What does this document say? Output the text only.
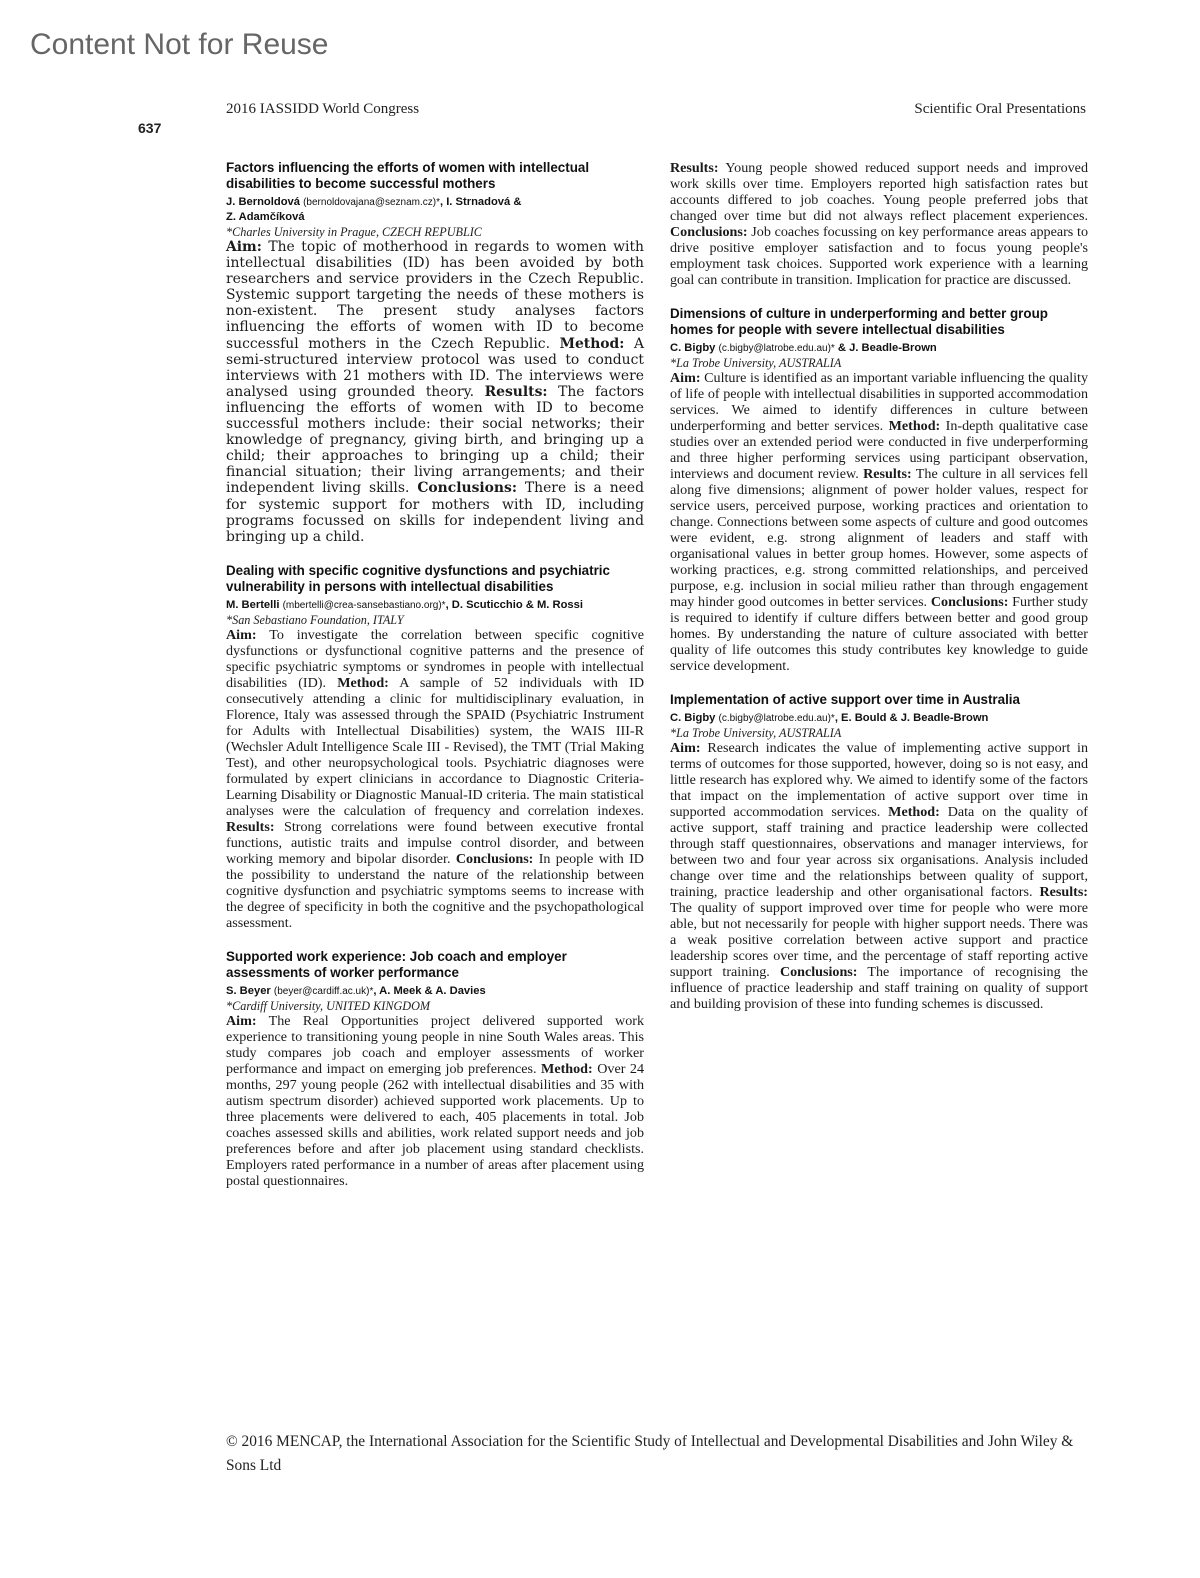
Content Not for Reuse
2016 IASSIDD World Congress	Scientific Oral Presentations
637
Factors influencing the efforts of women with intellectual disabilities to become successful mothers
J. Bernoldová (bernoldovajana@seznam.cz)*, I. Strnadová &
Z. Adamčíková
*Charles University in Prague, CZECH REPUBLIC
Aim: The topic of motherhood in regards to women with intellectual disabilities (ID) has been avoided by both researchers and service providers in the Czech Republic. Systemic support targeting the needs of these mothers is non-existent. The present study analyses factors influencing the efforts of women with ID to become successful mothers in the Czech Republic. Method: A semi-structured interview protocol was used to conduct interviews with 21 mothers with ID. The interviews were analysed using grounded theory. Results: The factors influencing the efforts of women with ID to become successful mothers include: their social networks; their knowledge of pregnancy, giving birth, and bringing up a child; their approaches to bringing up a child; their financial situation; their living arrangements; and their independent living skills. Conclusions: There is a need for systemic support for mothers with ID, including programs focussed on skills for independent living and bringing up a child.
Dealing with specific cognitive dysfunctions and psychiatric vulnerability in persons with intellectual disabilities
M. Bertelli (mbertelli@crea-sansebastiano.org)*, D. Scuticchio & M. Rossi
*San Sebastiano Foundation, ITALY
Aim: To investigate the correlation between specific cognitive dysfunctions or dysfunctional cognitive patterns and the presence of specific psychiatric symptoms or syndromes in people with intellectual disabilities (ID). Method: A sample of 52 individuals with ID consecutively attending a clinic for multidisciplinary evaluation, in Florence, Italy was assessed through the SPAID (Psychiatric Instrument for Adults with Intellectual Disabilities) system, the WAIS III-R (Wechsler Adult Intelligence Scale III - Revised), the TMT (Trial Making Test), and other neuropsychological tools. Psychiatric diagnoses were formulated by expert clinicians in accordance to Diagnostic Criteria-Learning Disability or Diagnostic Manual-ID criteria. The main statistical analyses were the calculation of frequency and correlation indexes. Results: Strong correlations were found between executive frontal functions, autistic traits and impulse control disorder, and between working memory and bipolar disorder. Conclusions: In people with ID the possibility to understand the nature of the relationship between cognitive dysfunction and psychiatric symptoms seems to increase with the degree of specificity in both the cognitive and the psychopathological assessment.
Supported work experience: Job coach and employer assessments of worker performance
S. Beyer (beyer@cardiff.ac.uk)*, A. Meek & A. Davies
*Cardiff University, UNITED KINGDOM
Aim: The Real Opportunities project delivered supported work experience to transitioning young people in nine South Wales areas. This study compares job coach and employer assessments of worker performance and impact on emerging job preferences. Method: Over 24 months, 297 young people (262 with intellectual disabilities and 35 with autism spectrum disorder) achieved supported work placements. Up to three placements were delivered to each, 405 placements in total. Job coaches assessed skills and abilities, work related support needs and job preferences before and after job placement using standard checklists. Employers rated performance in a number of areas after placement using postal questionnaires.
Results: Young people showed reduced support needs and improved work skills over time. Employers reported high satisfaction rates but accounts differed to job coaches. Young people preferred jobs that changed over time but did not always reflect placement experiences. Conclusions: Job coaches focussing on key performance areas appears to drive positive employer satisfaction and to focus young people's employment task choices. Supported work experience with a learning goal can contribute in transition. Implication for practice are discussed.
Dimensions of culture in underperforming and better group homes for people with severe intellectual disabilities
C. Bigby (c.bigby@latrobe.edu.au)* & J. Beadle-Brown
*La Trobe University, AUSTRALIA
Aim: Culture is identified as an important variable influencing the quality of life of people with intellectual disabilities in supported accommodation services. We aimed to identify differences in culture between underperforming and better services. Method: In-depth qualitative case studies over an extended period were conducted in five underperforming and three higher performing services using participant observation, interviews and document review. Results: The culture in all services fell along five dimensions; alignment of power holder values, respect for service users, perceived purpose, working practices and orientation to change. Connections between some aspects of culture and good outcomes were evident, e.g. strong alignment of leaders and staff with organisational values in better group homes. However, some aspects of working practices, e.g. strong committed relationships, and perceived purpose, e.g. inclusion in social milieu rather than through engagement may hinder good outcomes in better services. Conclusions: Further study is required to identify if culture differs between better and good group homes. By understanding the nature of culture associated with better quality of life outcomes this study contributes key knowledge to guide service development.
Implementation of active support over time in Australia
C. Bigby (c.bigby@latrobe.edu.au)*, E. Bould & J. Beadle-Brown
*La Trobe University, AUSTRALIA
Aim: Research indicates the value of implementing active support in terms of outcomes for those supported, however, doing so is not easy, and little research has explored why. We aimed to identify some of the factors that impact on the implementation of active support over time in supported accommodation services. Method: Data on the quality of active support, staff training and practice leadership were collected through staff questionnaires, observations and manager interviews, for between two and four year across six organisations. Analysis included change over time and the relationships between quality of support, training, practice leadership and other organisational factors. Results: The quality of support improved over time for people who were more able, but not necessarily for people with higher support needs. There was a weak positive correlation between active support and practice leadership scores over time, and the percentage of staff reporting active support training. Conclusions: The importance of recognising the influence of practice leadership and staff training on quality of support and building provision of these into funding schemes is discussed.
© 2016 MENCAP, the International Association for the Scientific Study of Intellectual and Developmental Disabilities and John Wiley & Sons Ltd
